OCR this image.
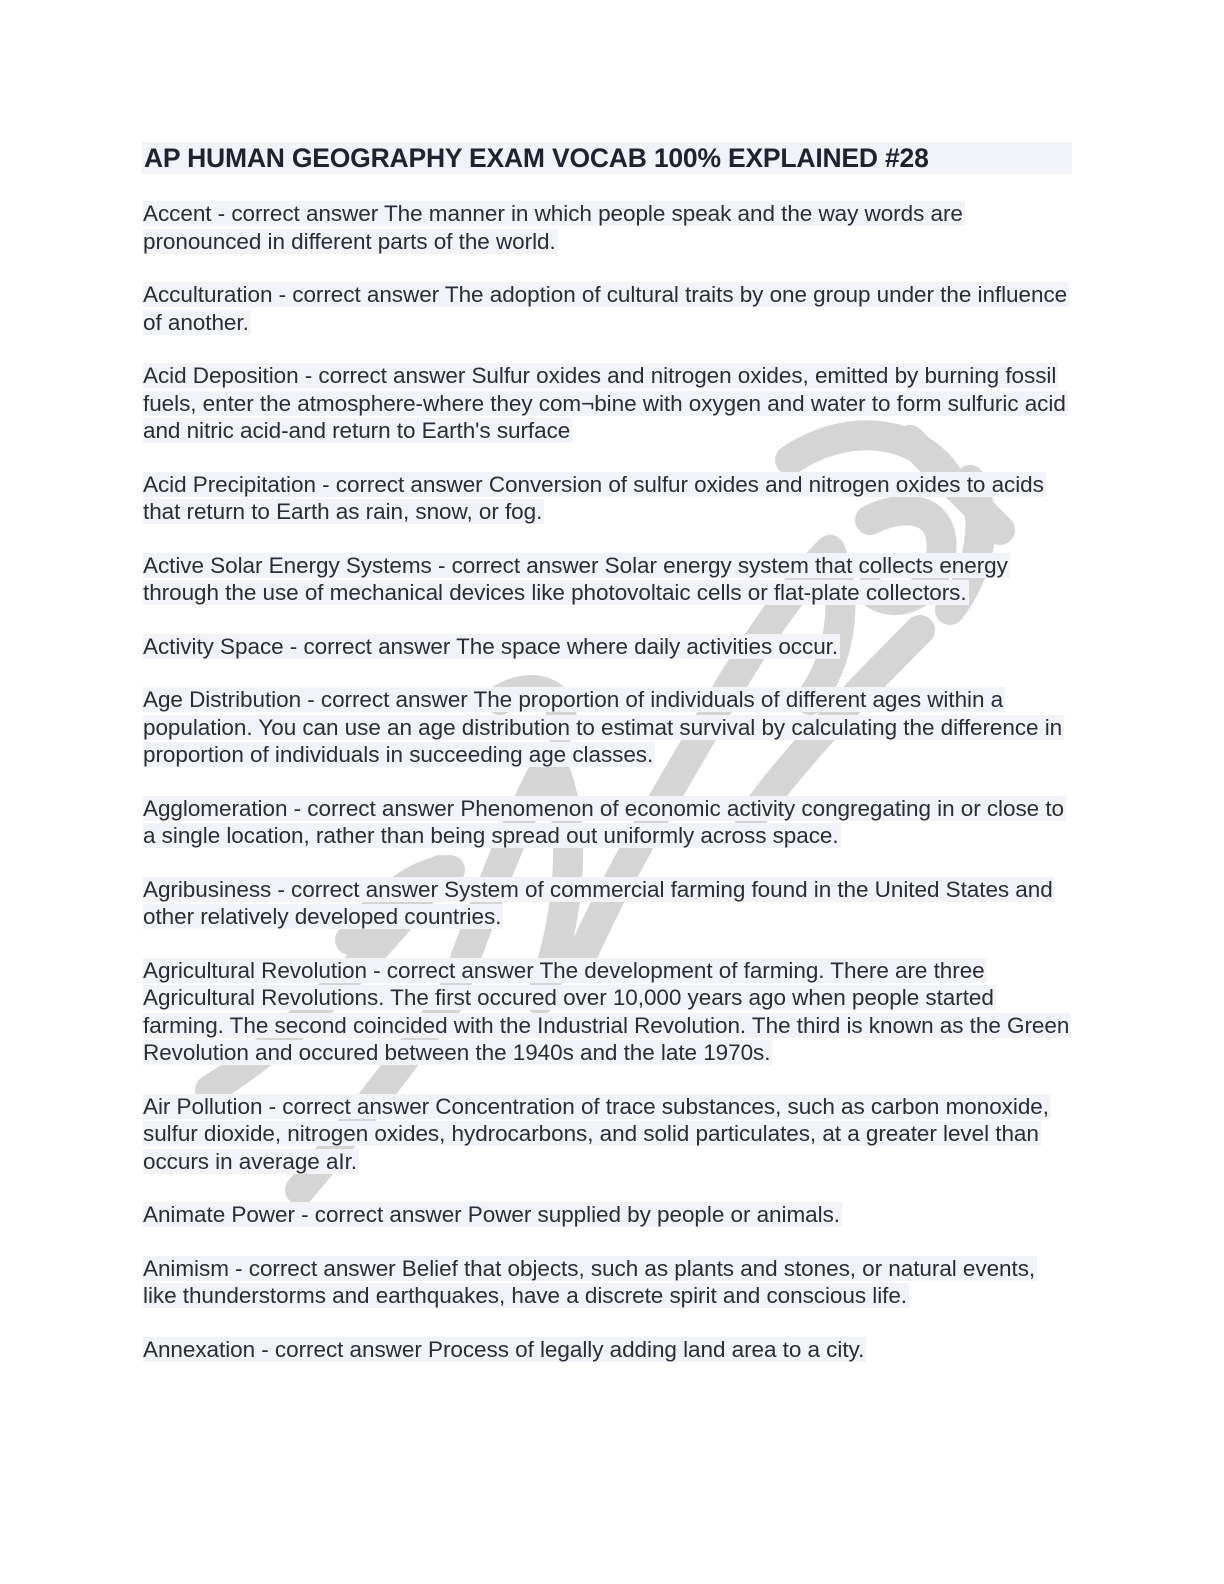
AP HUMAN GEOGRAPHY EXAM VOCAB 100% EXPLAINED #28

Accent - correct answer The manner in which people speak and the way words are pronounced in different parts of the world.

Acculturation - correct answer The adoption of cultural traits by one group under the influence of another.

Acid Deposition - correct answer Sulfur oxides and nitrogen oxides, emitted by burning fossil fuels, enter the atmosphere-where they com¬bine with oxygen and water to form sulfuric acid and nitric acid-and return to Earth's surface

Acid Precipitation - correct answer Conversion of sulfur oxides and nitrogen oxides to acids that return to Earth as rain, snow, or fog.

Active Solar Energy Systems - correct answer Solar energy system that collects energy through the use of mechanical devices like photovoltaic cells or flat-plate collectors.

Activity Space - correct answer The space where daily activities occur.

Age Distribution - correct answer The proportion of individuals of different ages within a population. You can use an age distribution to estimat survival by calculating the difference in proportion of individuals in succeeding age classes.

Agglomeration - correct answer Phenomenon of economic activity congregating in or close to a single location, rather than being spread out uniformly across space.

Agribusiness - correct answer System of commercial farming found in the United States and other relatively developed countries.

Agricultural Revolution - correct answer The development of farming. There are three Agricultural Revolutions. The first occured over 10,000 years ago when people started farming. The second coincided with the Industrial Revolution. The third is known as the Green Revolution and occured between the 1940s and the late 1970s.

Air Pollution - correct answer Concentration of trace substances, such as carbon monoxide, sulfur dioxide, nitrogen oxides, hydrocarbons, and solid particulates, at a greater level than occurs in average aIr.

Animate Power - correct answer Power supplied by people or animals.

Animism - correct answer Belief that objects, such as plants and stones, or natural events, like thunderstorms and earthquakes, have a discrete spirit and conscious life.

Annexation - correct answer Process of legally adding land area to a city.
